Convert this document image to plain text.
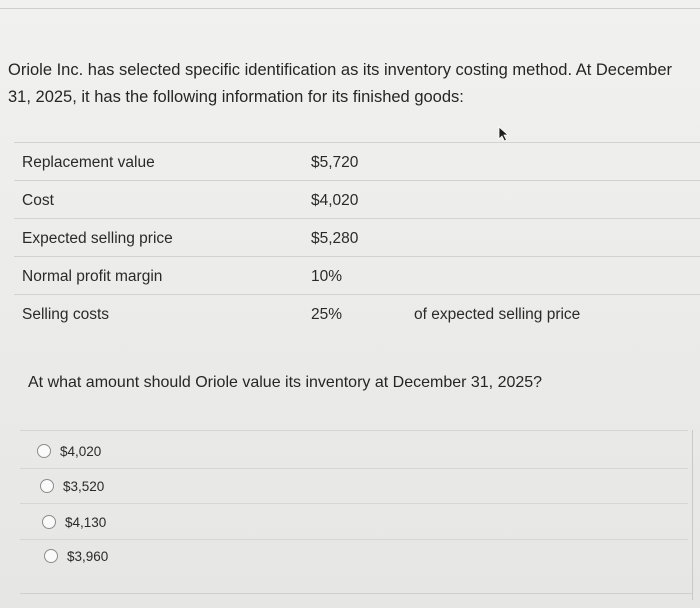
Oriole Inc. has selected specific identification as its inventory costing method. At December 31, 2025, it has the following information for its finished goods:
Replacement value	$5,720
Cost	$4,020
Expected selling price	$5,280
Normal profit margin	10%
Selling costs	25%	of expected selling price
At what amount should Oriole value its inventory at December 31, 2025?
$4,020
$3,520
$4,130
$3,960
